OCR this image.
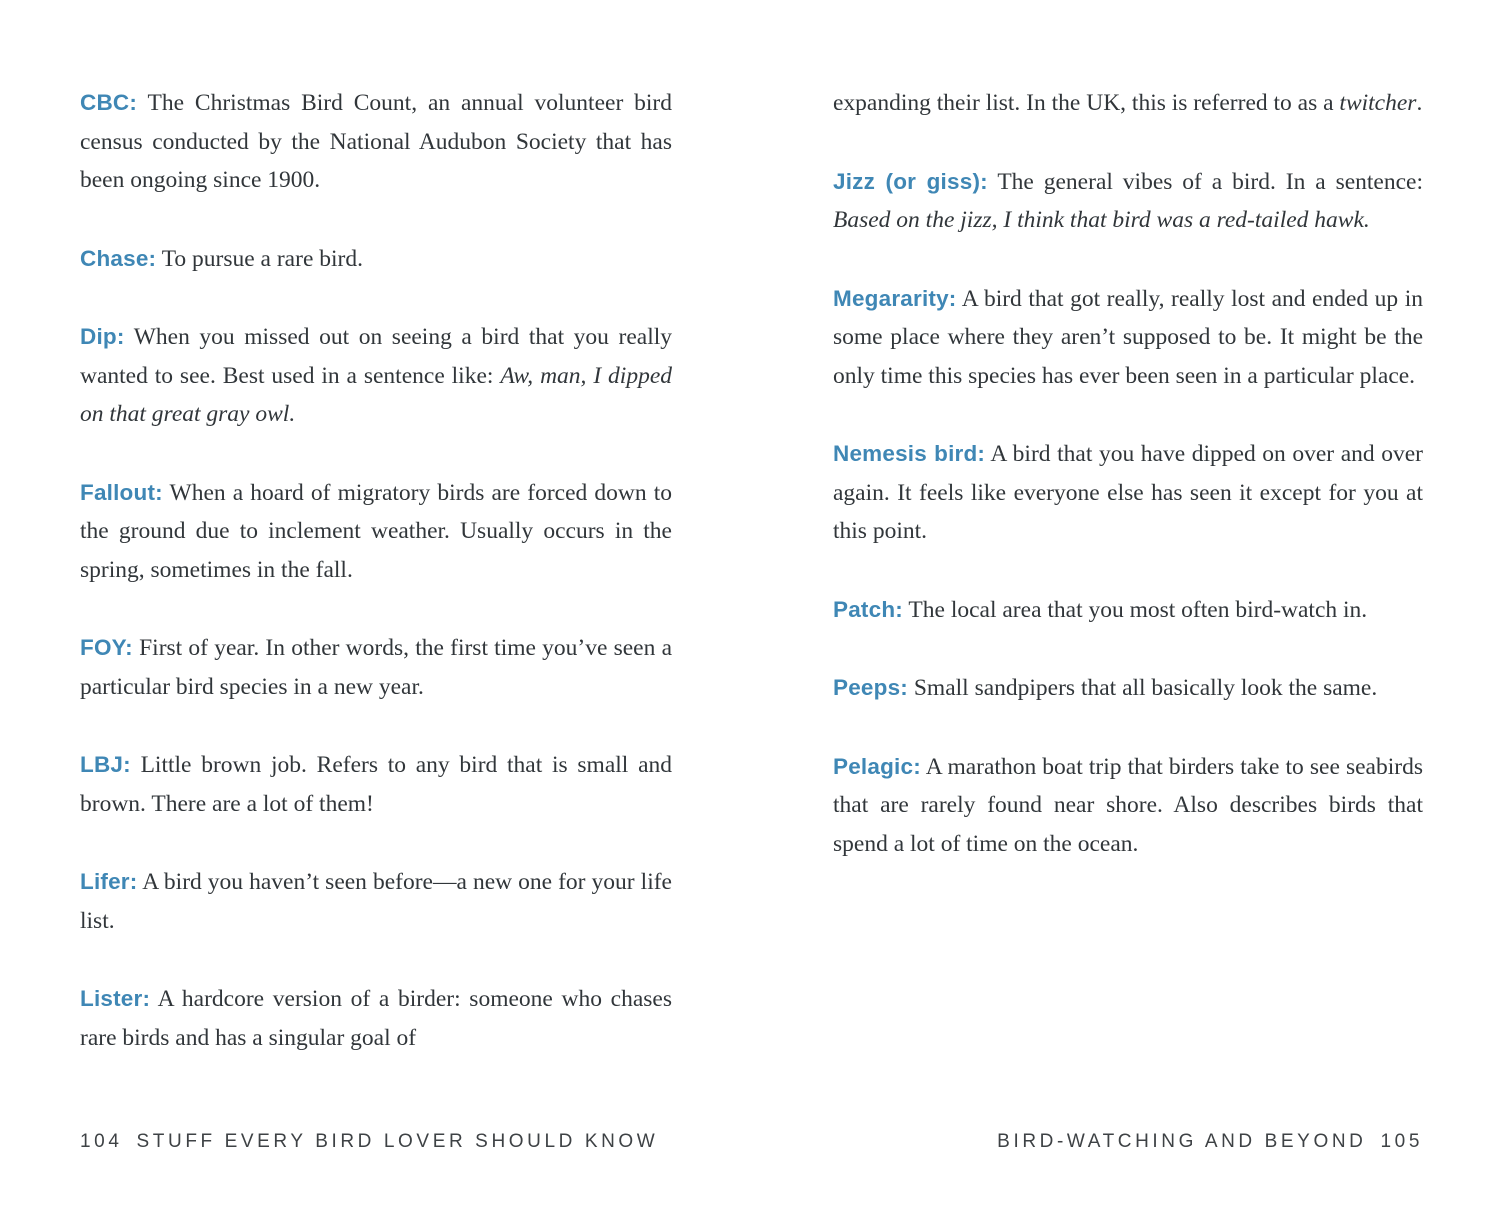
CBC: The Christmas Bird Count, an annual volunteer bird census conducted by the National Audubon Society that has been ongoing since 1900.

Chase: To pursue a rare bird.

Dip: When you missed out on seeing a bird that you really wanted to see. Best used in a sentence like: Aw, man, I dipped on that great gray owl.

Fallout: When a hoard of migratory birds are forced down to the ground due to inclement weather. Usually occurs in the spring, sometimes in the fall.

FOY: First of year. In other words, the first time you’ve seen a particular bird species in a new year.

LBJ: Little brown job. Refers to any bird that is small and brown. There are a lot of them!

Lifer: A bird you haven’t seen before—a new one for your life list.

Lister: A hardcore version of a birder: someone who chases rare birds and has a singular goal of

expanding their list. In the UK, this is referred to as a twitcher.

Jizz (or giss): The general vibes of a bird. In a sentence: Based on the jizz, I think that bird was a red-tailed hawk.

Megararity: A bird that got really, really lost and ended up in some place where they aren’t supposed to be. It might be the only time this species has ever been seen in a particular place.

Nemesis bird: A bird that you have dipped on over and over again. It feels like everyone else has seen it except for you at this point.

Patch: The local area that you most often bird-watch in.

Peeps: Small sandpipers that all basically look the same.

Pelagic: A marathon boat trip that birders take to see seabirds that are rarely found near shore. Also describes birds that spend a lot of time on the ocean.

104 STUFF EVERY BIRD LOVER SHOULD KNOW	BIRD-WATCHING AND BEYOND 105
